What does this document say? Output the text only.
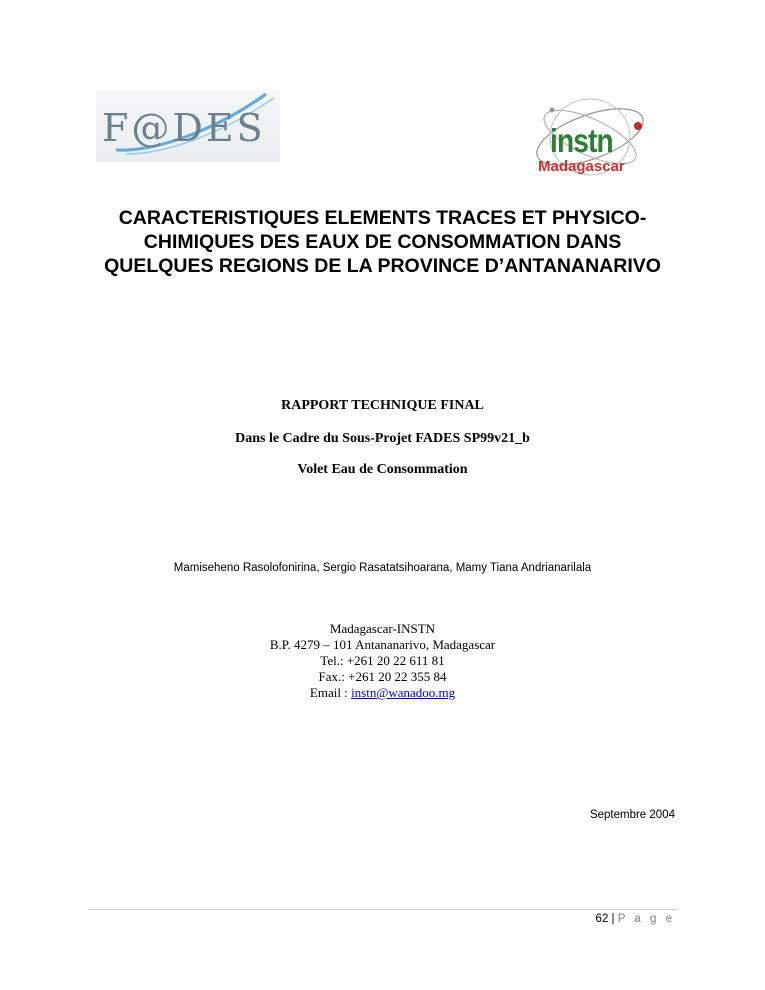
F@DES	instn
Madagascar
CARACTERISTIQUES ELEMENTS TRACES ET PHYSICO-
CHIMIQUES DES EAUX DE CONSOMMATION DANS
QUELQUES REGIONS DE LA PROVINCE D’ANTANANARIVO

RAPPORT TECHNIQUE FINAL

Dans le Cadre du Sous-Projet FADES SP99v21_b

Volet Eau de Consommation

Mamiseheno Rasolofonirina, Sergio Rasatatsihoarana, Mamy Tiana Andrianarilala

Madagascar-INSTN
B.P. 4279 – 101 Antananarivo, Madagascar
Tel.: +261 20 22 611 81
Fax.: +261 20 22 355 84
Email : instn@wanadoo.mg
Septembre 2004
62 | P a g e
